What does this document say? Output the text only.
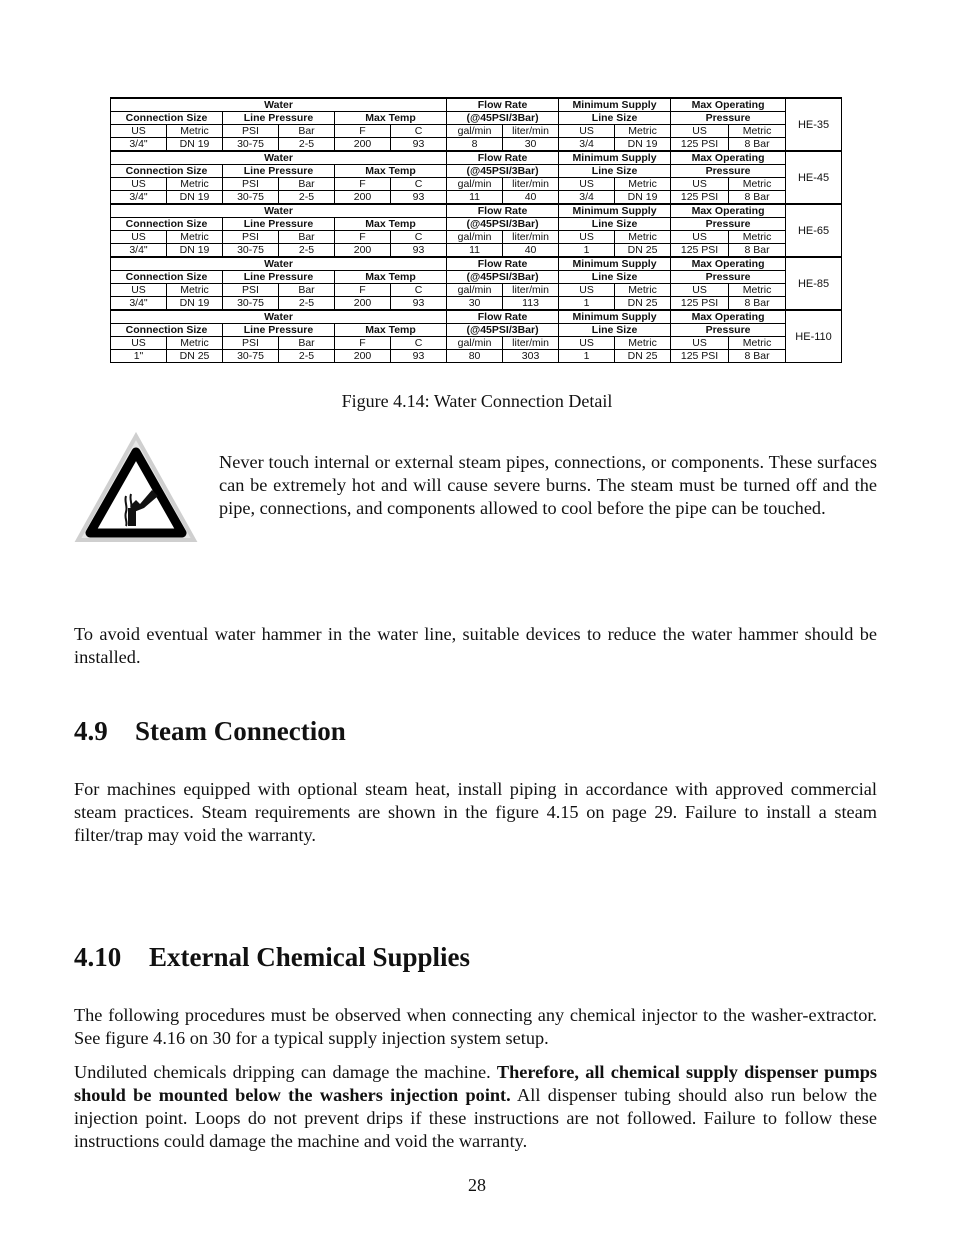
Water						Flow Rate		Minimum Supply		Max Operating		HE-35
Connection Size		Line Pressure		Max Temp		(@45PSI/3Bar)		Line Size		Pressure		
US	Metric	PSI	Bar	F	C	gal/min	liter/min	US	Metric	US	Metric	
3/4"	DN 19	30-75	2-5	200	93	8	30	3/4	DN 19	125 PSI	8 Bar	
Water						Flow Rate		Minimum Supply		Max Operating		HE-45
Connection Size		Line Pressure		Max Temp		(@45PSI/3Bar)		Line Size		Pressure		
US	Metric	PSI	Bar	F	C	gal/min	liter/min	US	Metric	US	Metric	
3/4"	DN 19	30-75	2-5	200	93	11	40	3/4	DN 19	125 PSI	8 Bar	
Water						Flow Rate		Minimum Supply		Max Operating		HE-65
Connection Size		Line Pressure		Max Temp		(@45PSI/3Bar)		Line Size		Pressure		
US	Metric	PSI	Bar	F	C	gal/min	liter/min	US	Metric	US	Metric	
3/4"	DN 19	30-75	2-5	200	93	11	40	1	DN 25	125 PSI	8 Bar	
Water						Flow Rate		Minimum Supply		Max Operating		HE-85
Connection Size		Line Pressure		Max Temp		(@45PSI/3Bar)		Line Size		Pressure		
US	Metric	PSI	Bar	F	C	gal/min	liter/min	US	Metric	US	Metric	
3/4"	DN 19	30-75	2-5	200	93	30	113	1	DN 25	125 PSI	8 Bar	
Water						Flow Rate		Minimum Supply		Max Operating		HE-110
Connection Size		Line Pressure		Max Temp		(@45PSI/3Bar)		Line Size		Pressure		
US	Metric	PSI	Bar	F	C	gal/min	liter/min	US	Metric	US	Metric	
1"	DN 25	30-75	2-5	200	93	80	303	1	DN 25	125 PSI	8 Bar	
Figure 4.14: Water Connection Detail
Never touch internal or external steam pipes, connections, or components. These surfaces can be extremely hot and will cause severe burns. The steam must be turned off and the pipe, connections, and components allowed to cool before the pipe can be touched.

To avoid eventual water hammer in the water line, suitable devices to reduce the water hammer should be installed.

4.9 Steam Connection

For machines equipped with optional steam heat, install piping in accordance with approved commercial steam practices. Steam requirements are shown in the figure 4.15 on page 29. Failure to install a steam filter/trap may void the warranty.

4.10 External Chemical Supplies

The following procedures must be observed when connecting any chemical injector to the washer-extractor. See figure 4.16 on 30 for a typical supply injection system setup.

Undiluted chemicals dripping can damage the machine. Therefore, all chemical supply dispenser pumps should be mounted below the washers injection point. All dispenser tubing should also run below the injection point. Loops do not prevent drips if these instructions are not followed. Failure to follow these instructions could damage the machine and void the warranty.

28
